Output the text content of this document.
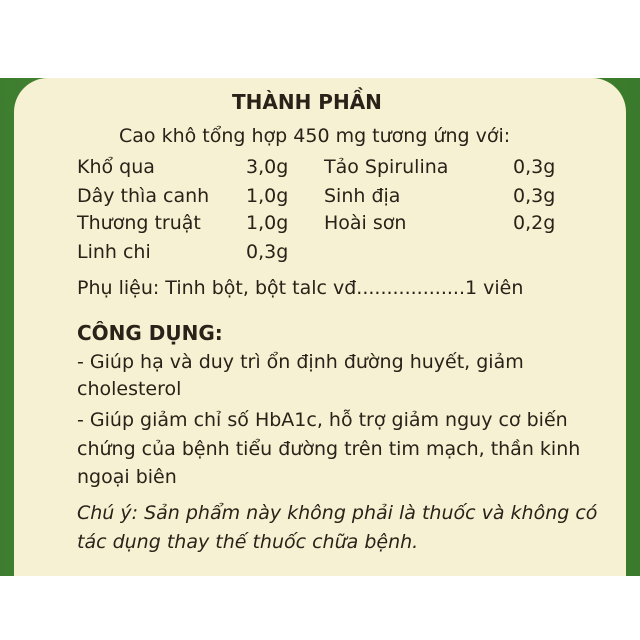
THÀNH PHẦN
Cao khô tổng hợp 450 mg tương ứng với:
Khổ qua	3,0g Tảo Spirulina	0,3g
Dây thìa canh 1,0g Sinh địa	0,3g
Thương truật 1,0g Hoài sơn	0,2g
Linh chi	0,3g
Phụ liệu: Tinh bột, bột talc vđ..................1 viên
CÔNG DỤNG:
- Giúp hạ và duy trì ổn định đường huyết, giảm
cholesterol
- Giúp giảm chỉ số HbA1c, hỗ trợ giảm nguy cơ biến
chứng của bệnh tiểu đường trên tim mạch, thần kinh
ngoại biên
Chú ý: Sản phẩm này không phải là thuốc và không có
tác dụng thay thế thuốc chữa bệnh.
